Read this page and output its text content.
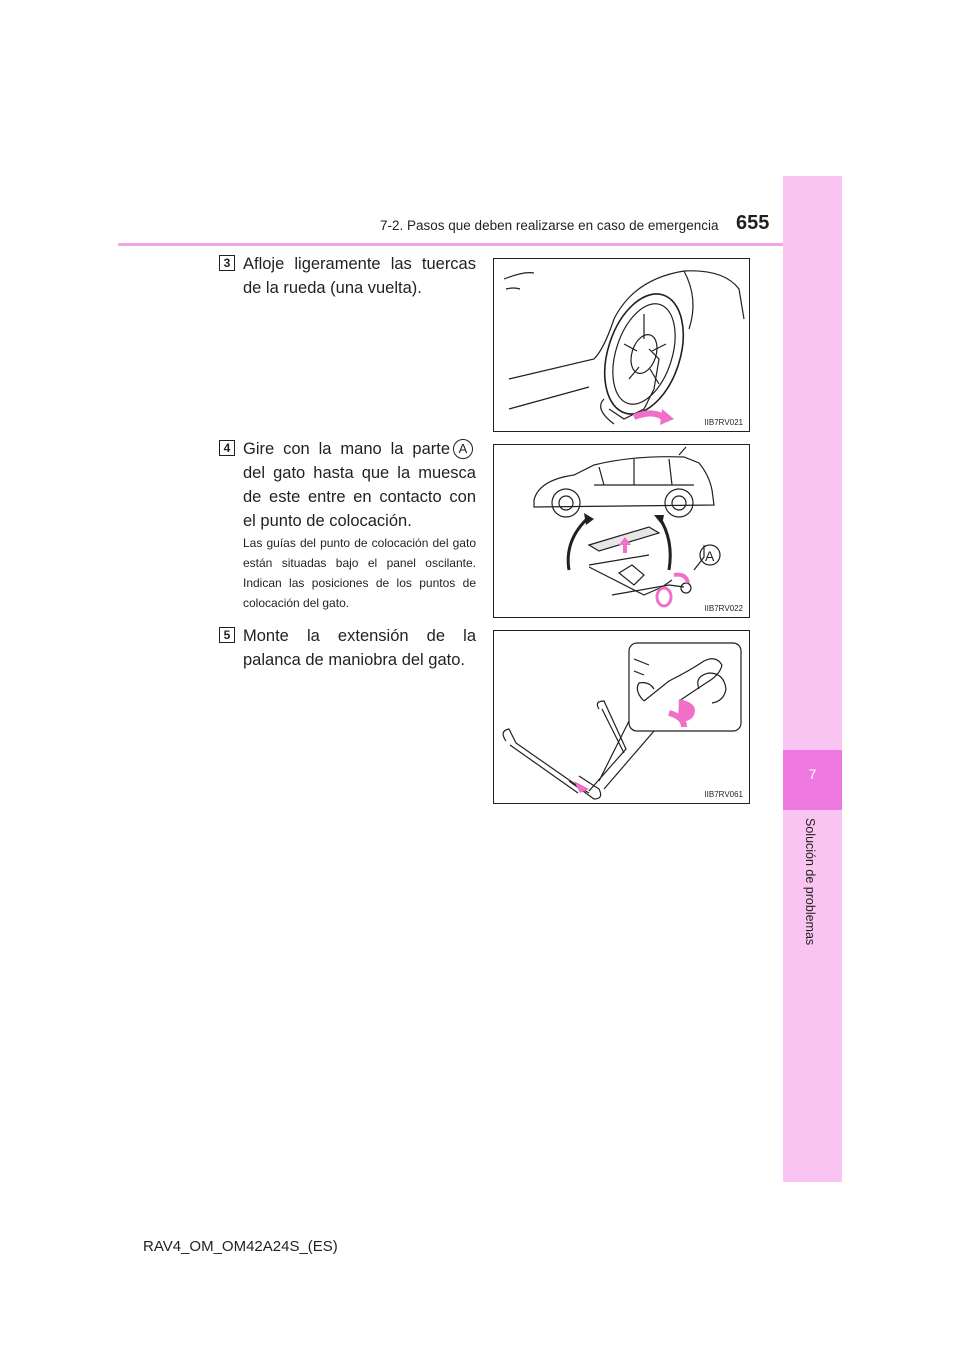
7-2. Pasos que deben realizarse en caso de emergencia 655
7
Solución de problemas
3 Afloje ligeramente las tuercas de la rueda (una vuelta).

IIB7RV021
4 Gire con la mano la parte Adel gato hasta que la muesca de este entre en contacto con el punto de colocación.

Las guías del punto de colocación del gato están situadas bajo el panel oscilante. Indican las posiciones de los puntos de colocación del gato.
A
IIB7RV022
5 Monte la extensión de la palanca de maniobra del gato.

IIB7RV061
RAV4_OM_OM42A24S_(ES)
